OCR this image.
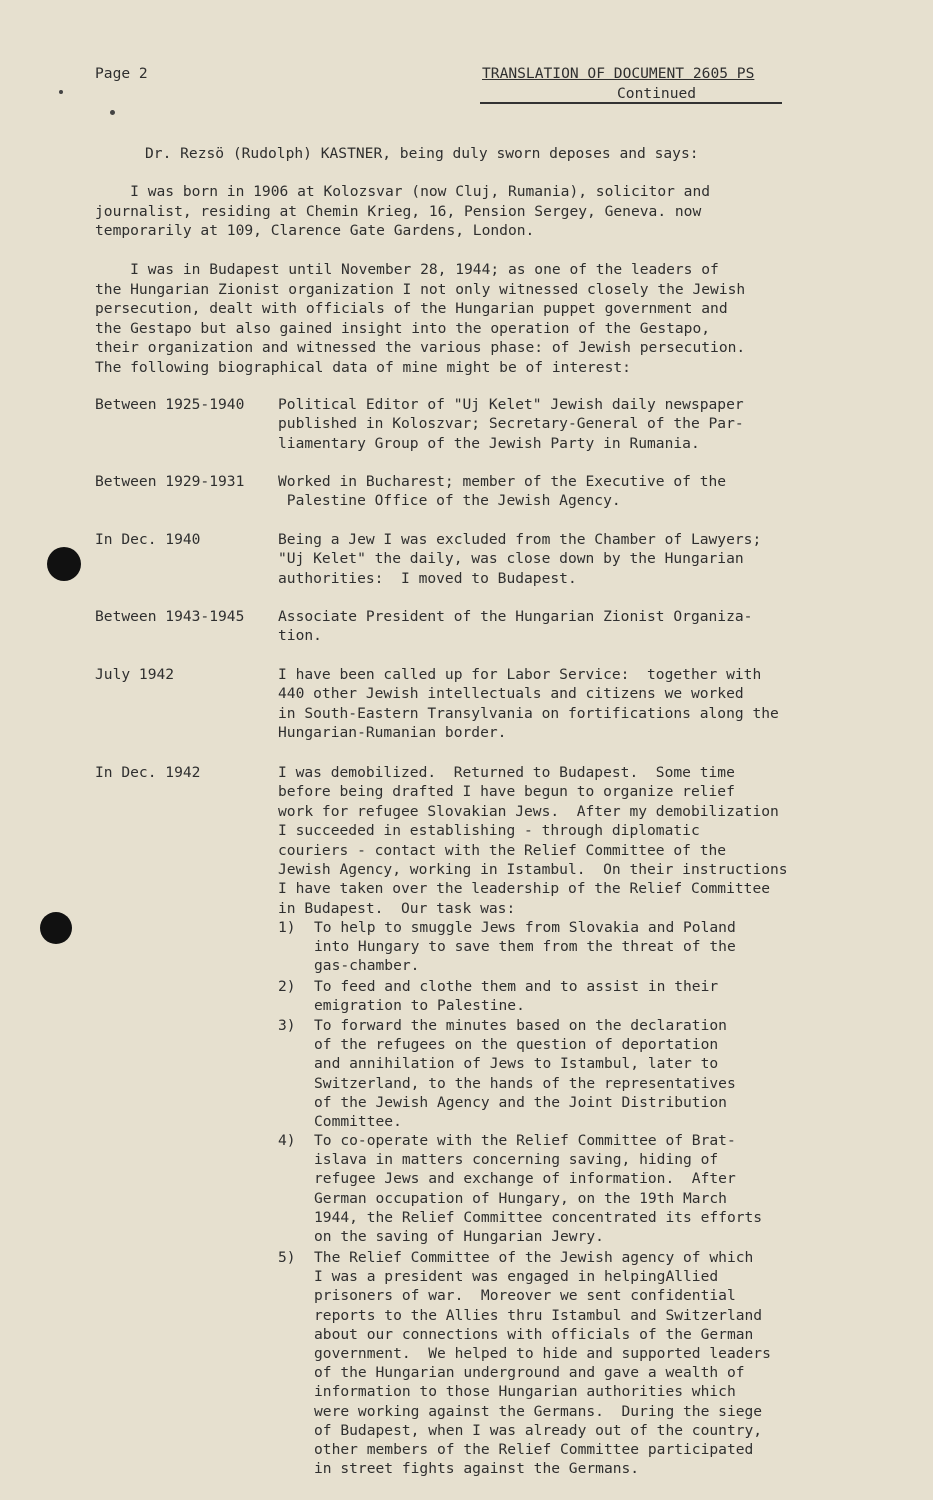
Page 2	TRANSLATION OF DOCUMENT 2605 PS
Continued
Dr. Rezsö (Rudolph) KASTNER, being duly sworn deposes and says:
I was born in 1906 at Kolozsvar (now Cluj, Rumania), solicitor and
journalist, residing at Chemin Krieg, 16, Pension Sergey, Geneva. now
temporarily at 109, Clarence Gate Gardens, London.
I was in Budapest until November 28, 1944; as one of the leaders of
the Hungarian Zionist organization I not only witnessed closely the Jewish
persecution, dealt with officials of the Hungarian puppet government and
the Gestapo but also gained insight into the operation of the Gestapo,
their organization and witnessed the various phase: of Jewish persecution.
The following biographical data of mine might be of interest:
Between 1925-1940 Political Editor of "Uj Kelet" Jewish daily newspaper
published in Koloszvar; Secretary-General of the Par-
liamentary Group of the Jewish Party in Rumania.
Between 1929-1931 Worked in Bucharest; member of the Executive of the
Palestine Office of the Jewish Agency.
In Dec. 1940	Being a Jew I was excluded from the Chamber of Lawyers;
"Uj Kelet" the daily, was close down by the Hungarian
authorities:  I moved to Budapest.
Between 1943-1945 Associate President of the Hungarian Zionist Organiza-
tion.
July 1942	I have been called up for Labor Service:  together with
440 other Jewish intellectuals and citizens we worked
in South-Eastern Transylvania on fortifications along the
Hungarian-Rumanian border.
In Dec. 1942	I was demobilized.  Returned to Budapest.  Some time
before being drafted I have begun to organize relief
work for refugee Slovakian Jews.  After my demobilization
I succeeded in establishing - through diplomatic
couriers - contact with the Relief Committee of the
Jewish Agency, working in Istambul.  On their instructions
I have taken over the leadership of the Relief Committee
in Budapest.  Our task was:
1) To help to smuggle Jews from Slovakia and Poland
into Hungary to save them from the threat of the
gas-chamber.
2) To feed and clothe them and to assist in their
emigration to Palestine.
3) To forward the minutes based on the declaration
of the refugees on the question of deportation
and annihilation of Jews to Istambul, later to
Switzerland, to the hands of the representatives
of the Jewish Agency and the Joint Distribution
Committee.
4) To co-operate with the Relief Committee of Brat-
islava in matters concerning saving, hiding of
refugee Jews and exchange of information.  After
German occupation of Hungary, on the 19th March
1944, the Relief Committee concentrated its efforts
on the saving of Hungarian Jewry.
5) The Relief Committee of the Jewish agency of which
I was a president was engaged in helpingAllied
prisoners of war.  Moreover we sent confidential
reports to the Allies thru Istambul and Switzerland
about our connections with officials of the German
government.  We helped to hide and supported leaders
of the Hungarian underground and gave a wealth of
information to those Hungarian authorities which
were working against the Germans.  During the siege
of Budapest, when I was already out of the country,
other members of the Relief Committee participated
in street fights against the Germans.
